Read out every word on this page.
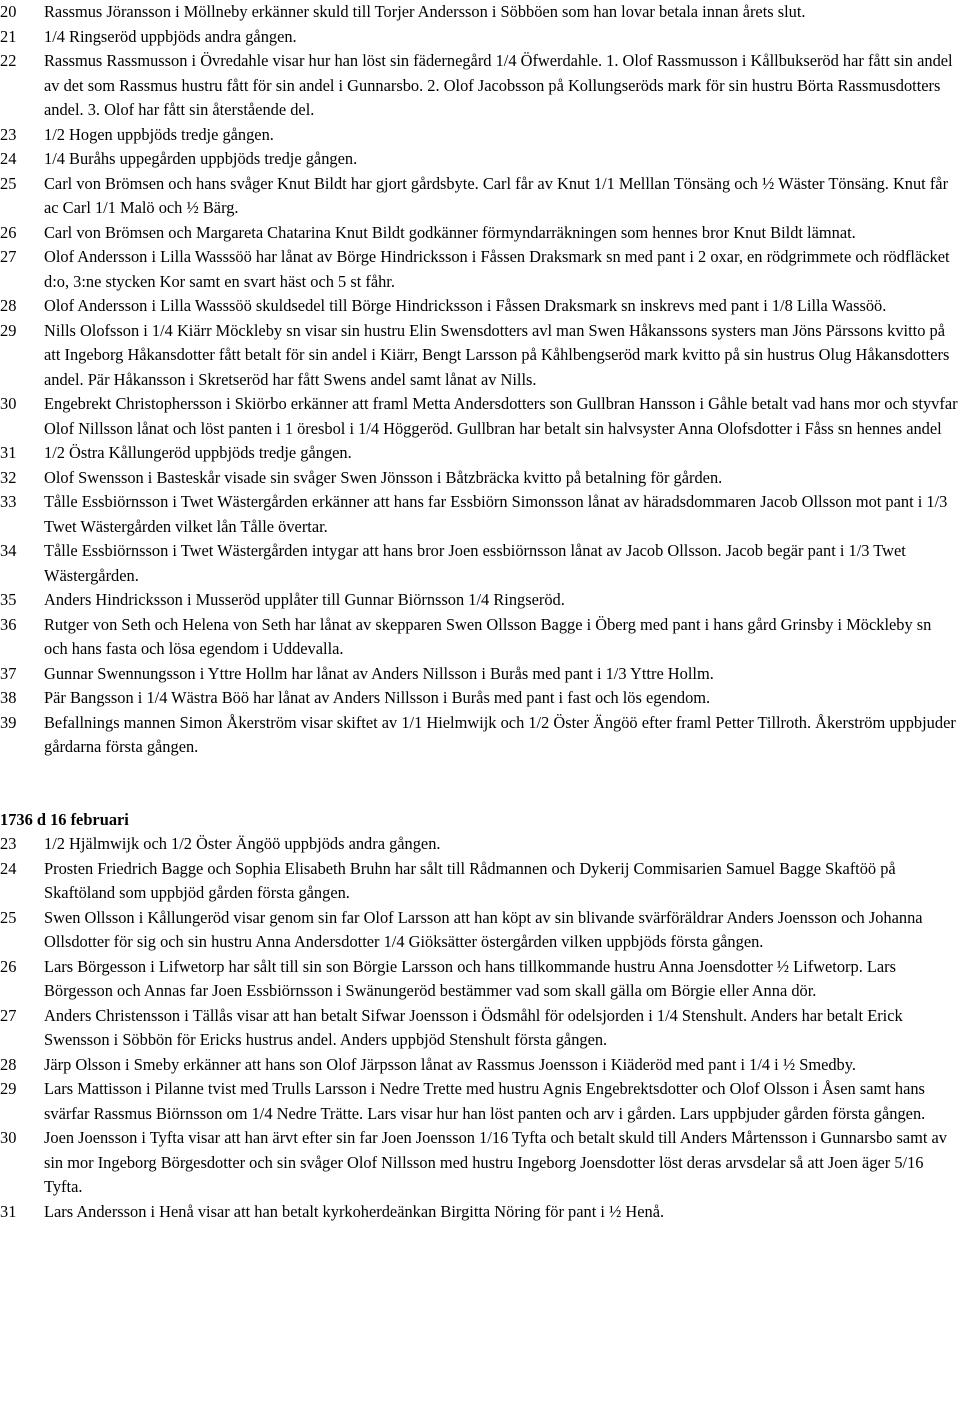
20	Rassmus Jöransson i Möllneby erkänner skuld till Torjer Andersson i Söbböen som han lovar betala innan årets slut.
21	1/4 Ringseröd uppbjöds andra gången.
22	Rassmus Rassmusson i Övredahle visar hur han löst sin fädernegård 1/4 Öfwerdahle. 1. Olof Rassmusson i Kållbukseröd har fått sin andel av det som Rassmus hustru fått för sin andel i Gunnarsbo. 2. Olof Jacobsson på Kollungseröds mark för sin hustru Börta Rassmusdotters andel. 3. Olof har fått sin återstående del.
23	1/2 Hogen uppbjöds tredje gången.
24	1/4 Buråhs uppegården uppbjöds tredje gången.
25	Carl von Brömsen och hans svåger Knut Bildt har gjort gårdsbyte. Carl får av Knut 1/1 Melllan Tönsäng och ½ Wäster Tönsäng. Knut får ac Carl 1/1 Malö och ½ Bärg.
26	Carl von Brömsen och Margareta Chatarina Knut Bildt godkänner förmyndarräkningen som hennes bror Knut Bildt lämnat.
27	Olof Andersson i Lilla Wasssöö har lånat av Börge Hindricksson i Fåssen Draksmark sn med pant i 2 oxar, en rödgrimmete och rödfläcket d:o, 3:ne stycken Kor samt en svart häst och 5 st fåhr.
28	Olof Andersson i Lilla Wasssöö skuldsedel till Börge Hindricksson i Fåssen Draksmark sn inskrevs med pant i 1/8 Lilla Wassöö.
29	Nills Olofsson i 1/4 Kiärr Möckleby sn visar sin hustru Elin Swensdotters avl man Swen Håkanssons systers man Jöns Pärssons kvitto på att Ingeborg Håkansdotter fått betalt för sin andel i Kiärr, Bengt Larsson på Kåhlbengseröd mark kvitto på sin hustrus Olug Håkansdotters andel. Pär Håkansson i Skretseröd har fått Swens andel samt lånat av Nills.
30	Engebrekt Christophersson i Skiörbo erkänner att framl Metta Andersdotters son Gullbran Hansson i Gåhle betalt vad hans mor och styvfar Olof Nillsson lånat och löst panten i 1 öresbol i 1/4 Höggeröd. Gullbran har betalt sin halvsyster Anna Olofsdotter i Fåss sn hennes andel
31	1/2 Östra Kållungeröd uppbjöds tredje gången.
32	Olof Swensson i Basteskår visade sin svåger Swen Jönsson i Båtzbräcka kvitto på betalning för gården.
33	Tålle Essbiörnsson i Twet Wästergården erkänner att hans far Essbiörn Simonsson lånat av häradsdommaren Jacob Ollsson mot pant i 1/3 Twet Wästergården vilket lån Tålle övertar.
34	Tålle Essbiörnsson i Twet Wästergården intygar att hans bror Joen essbiörnsson lånat av Jacob Ollsson. Jacob begär pant i 1/3 Twet Wästergården.
35	Anders Hindricksson i Musseröd upplåter till Gunnar Biörnsson 1/4 Ringseröd.
36	Rutger von Seth och Helena von Seth har lånat av skepparen Swen Ollsson Bagge i Öberg med pant i hans gård Grinsby i Möckleby sn och hans fasta och lösa egendom i Uddevalla.
37	Gunnar Swennungsson i Yttre Hollm har lånat av Anders Nillsson i Burås med pant i 1/3 Yttre Hollm.
38	Pär Bangsson i 1/4 Wästra Böö har lånat av Anders Nillsson i Burås med pant i fast och lös egendom.
39	Befallnings mannen Simon Åkerström visar skiftet av 1/1 Hielmwijk och 1/2 Öster Ängöö efter framl Petter Tillroth. Åkerström uppbjuder gårdarna första gången.
1736 d 16 februari
23	1/2 Hjälmwijk och 1/2 Öster Ängöö uppbjöds andra gången.
24	Prosten Friedrich Bagge och Sophia Elisabeth Bruhn har sålt till Rådmannen och Dykerij Commisarien Samuel Bagge Skaftöö på Skaftöland som uppbjöd gården första gången.
25	Swen Ollsson i Kållungeröd visar genom sin far Olof Larsson att han köpt av sin blivande svärföräldrar Anders Joensson och Johanna Ollsdotter för sig och sin hustru Anna Andersdotter 1/4 Giöksätter östergården vilken uppbjöds första gången.
26	Lars Börgesson i Lifwetorp har sålt till sin son Börgie Larsson och hans tillkommande hustru Anna Joensdotter ½ Lifwetorp. Lars Börgesson och Annas far Joen Essbiörnsson i Swänungeröd bestämmer vad som skall gälla om Börgie eller Anna dör.
27	Anders Christensson i Tällås visar att han betalt Sifwar Joensson i Ödsmåhl för odelsjorden i 1/4 Stenshult. Anders har betalt Erick Swensson i Söbbön för Ericks hustrus andel. Anders uppbjöd Stenshult första gången.
28	Järp Olsson i Smeby erkänner att hans son Olof Järpsson lånat av Rassmus Joensson i Kiäderöd med pant i 1/4 i ½ Smedby.
29	Lars Mattisson i Pilanne tvist med Trulls Larsson i Nedre Trette med hustru Agnis Engebrektsdotter och Olof Olsson i Åsen samt hans svärfar Rassmus Biörnsson om 1/4 Nedre Trätte. Lars visar hur han löst panten och arv i gården. Lars uppbjuder gården första gången.
30	Joen Joensson i Tyfta visar att han ärvt efter sin far Joen Joensson 1/16 Tyfta och betalt skuld till Anders Mårtensson i Gunnarsbo samt av sin mor Ingeborg Börgesdotter och sin svåger Olof Nillsson med hustru Ingeborg Joensdotter löst deras arvsdelar så att Joen äger 5/16 Tyfta.
31	Lars Andersson i Henå visar att han betalt kyrkoherdeänkan Birgitta Nöring för pant i ½ Henå.
